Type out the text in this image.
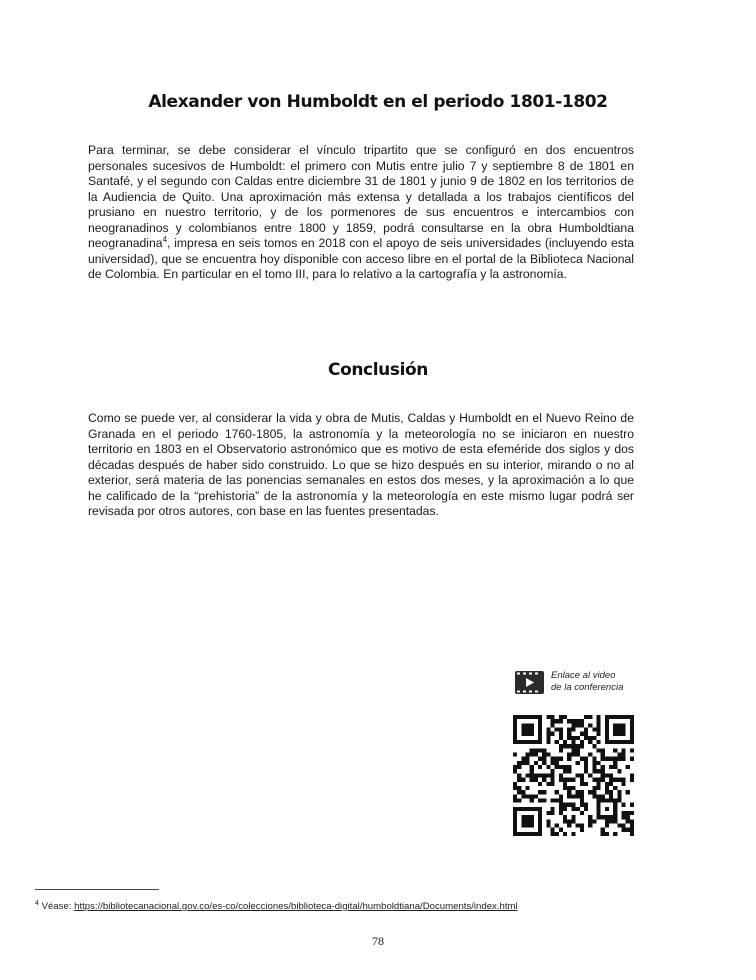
Alexander von Humboldt en el periodo 1801-1802

Para terminar, se debe considerar el vínculo tripartito que se configuró en dos encuentros personales sucesivos de Humboldt: el primero con Mutis entre julio 7 y septiembre 8 de 1801 en Santafé, y el segundo con Caldas entre diciembre 31 de 1801 y junio 9 de 1802 en los territorios de la Audiencia de Quito. Una aproximación más extensa y detallada a los trabajos científicos del prusiano en nuestro territorio, y de los pormenores de sus encuentros e intercambios con neogranadinos y colombianos entre 1800 y 1859, podrá consultarse en la obra Humboldtiana neogranadina$^4$, impresa en seis tomos en 2018 con el apoyo de seis universidades (incluyendo esta universidad), que se encuentra hoy disponible con acceso libre en el portal de la Biblioteca Nacional de Colombia. En particular en el tomo III, para lo relativo a la cartografía y la astronomía.

Conclusión

Como se puede ver, al considerar la vida y obra de Mutis, Caldas y Humboldt en el Nuevo Reino de Granada en el periodo 1760-1805, la astronomía y la meteorología no se iniciaron en nuestro territorio en 1803 en el Observatorio astronómico que es motivo de esta efeméride dos siglos y dos décadas después de haber sido construido. Lo que se hizo después en su interior, mirando o no al exterior, será materia de las ponencias semanales en estos dos meses, y la aproximación a lo que he calificado de la “prehistoria” de la astronomía y la meteorología en este mismo lugar podrá ser revisada por otros autores, con base en las fuentes presentadas.

Enlace al video
de la conferencia
$^4$ Véase: https://bibliotecanacional.gov.co/es-co/colecciones/biblioteca-digital/humboldtiana/Documents/index.html
78
